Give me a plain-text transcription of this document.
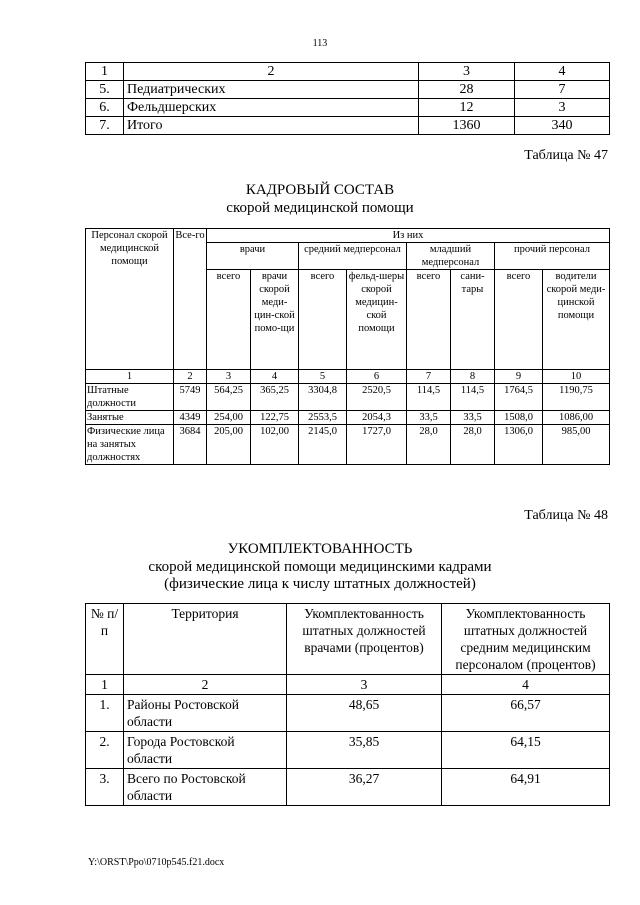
113
1	2	3	4
5.	Педиатрических	28	7
6.	Фельдшерских	12	3
7.	Итого	1360	340
Таблица № 47
КАДРОВЫЙ СОСТАВ
скорой медицинской помощи
Персонал скорой медицинской помощи	Все-го	Из них							
		врачи		средний медперсонал		младший медперсонал		прочий персонал	
		всего	врачи скорой меди-цин-ской помо-щи	всего	фельд-шеры скорой медицин-ской помощи	всего	сани-тары	всего	водители скорой меди-цинской помощи
1	2	3	4	5	6	7	8	9	10
Штатные должности	5749	564,25	365,25	3304,8	2520,5	114,5	114,5	1764,5	1190,75
Занятые	4349	254,00	122,75	2553,5	2054,3	33,5	33,5	1508,0	1086,00
Физические лица на занятых должностях	3684	205,00	102,00	2145,0	1727,0	28,0	28,0	1306,0	985,00
Таблица № 48
УКОМПЛЕКТОВАННОСТЬ
скорой медицинской помощи медицинскими кадрами
(физические лица к числу штатных должностей)
№ п/п	Территория	Укомплектованность штатных должностей врачами (процентов)	Укомплектованность штатных должностей средним медицинским персоналом (процентов)
1	2	3	4
1.	Районы Ростовской области	48,65	66,57
2.	Города Ростовской области	35,85	64,15
3.	Всего по Ростовской области	36,27	64,91
Y:\ORST\Ppo\0710p545.f21.docx
